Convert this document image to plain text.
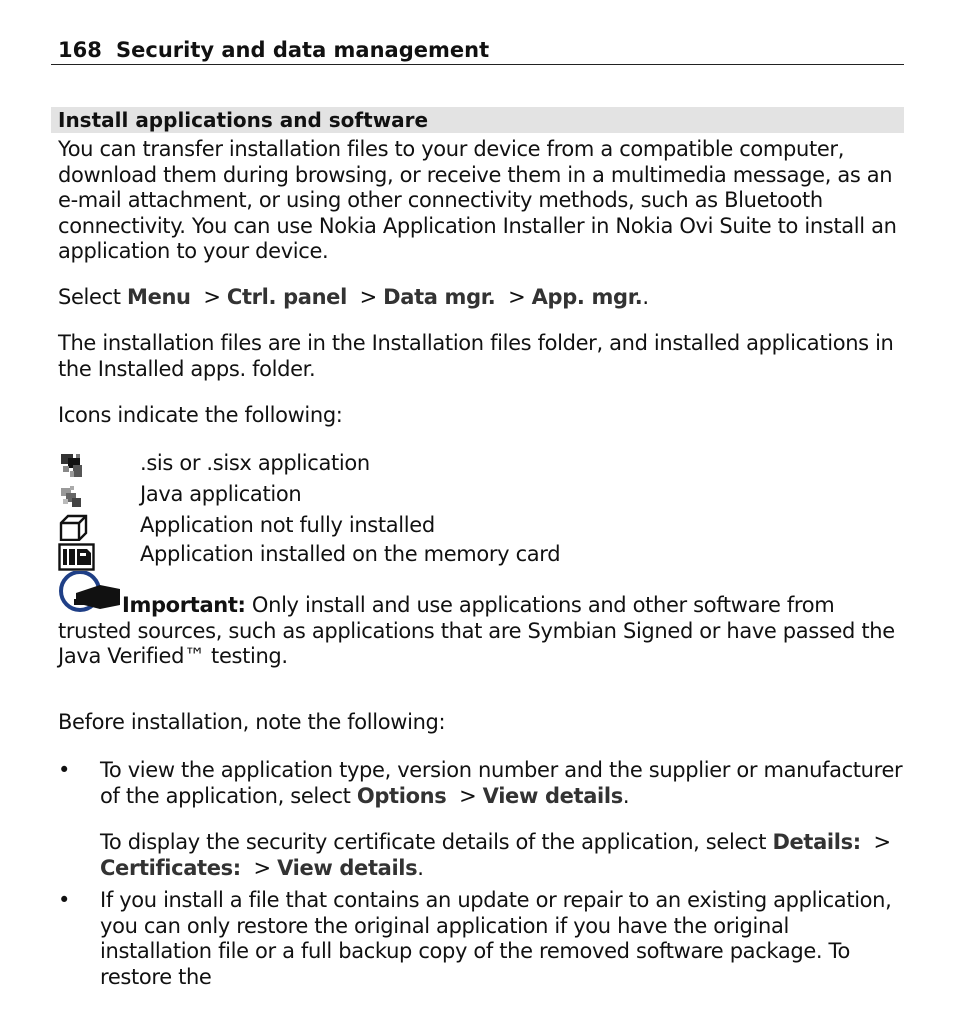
168 Security and data management
Install applications and software

You can transfer installation files to your device from a compatible computer, download them during browsing, or receive them in a multimedia message, as an e-mail attachment, or using other connectivity methods, such as Bluetooth connectivity. You can use Nokia Application Installer in Nokia Ovi Suite to install an application to your device.

Select Menu > Ctrl. panel > Data mgr. > App. mgr..

The installation files are in the Installation files folder, and installed applications in the Installed apps. folder.

Icons indicate the following:

.sis or .sisx application
Java application
Application not fully installed
Application installed on the memory card

Important: Only install and use applications and other software from trusted sources, such as applications that are Symbian Signed or have passed the Java Verified™ testing.

Before installation, note the following:

• To view the application type, version number and the supplier or manufacturer of the application, select Options > View details.

To display the security certificate details of the application, select Details: > Certificates: > View details.

• If you install a file that contains an update or repair to an existing application, you can only restore the original application if you have the original installation file or a full backup copy of the removed software package. To restore the
